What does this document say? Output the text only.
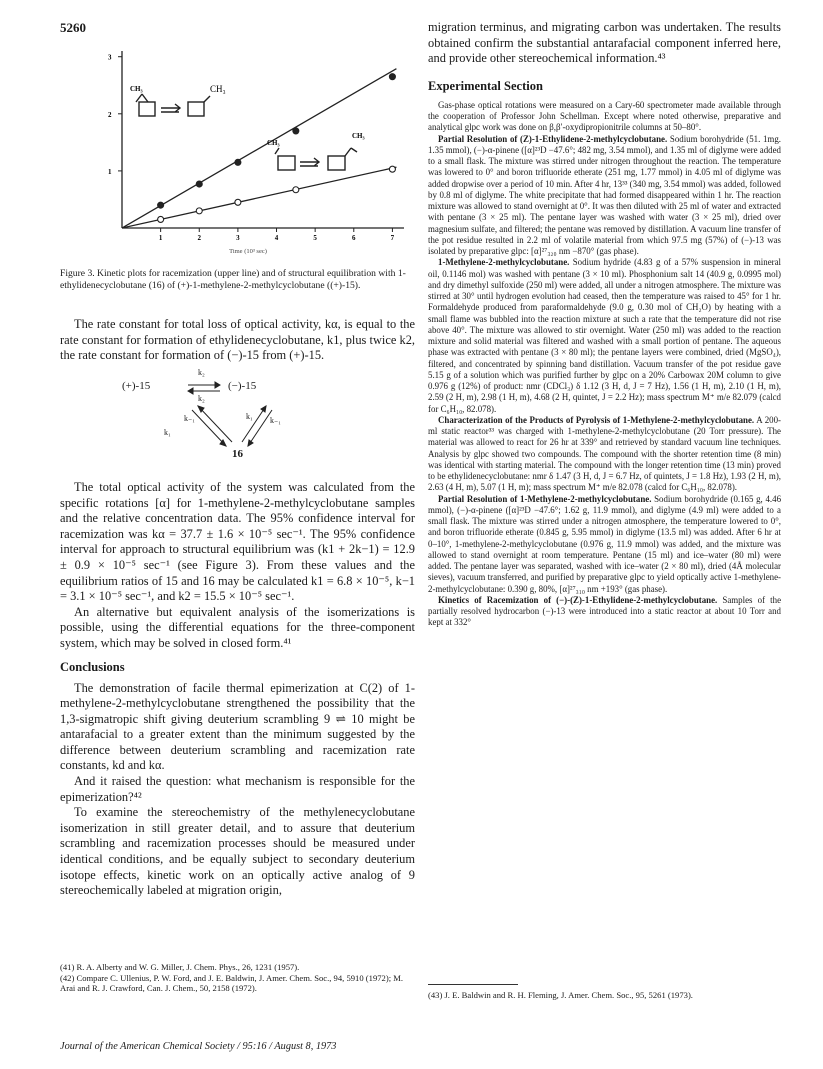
5260
1
2
3
1	2	3	4	5	6	7
CH₃	CH₃
CH₃
CH₃
Time (10³ sec)
Figure 3. Kinetic plots for racemization (upper line) and of structural equilibration with 1-ethylidenecyclobutane (16) of (+)-1-methylene-2-methylcyclobutane ((+)-15).

The rate constant for total loss of optical activity, kα, is equal to the rate constant for formation of ethylidenecyclobutane, k1, plus twice k2, the rate constant for formation of (−)-15 from (+)-15.

(+)-15	(−)-15
16
k₂
k₂
k₁
k₋₁	k₋₁
k₁

The total optical activity of the system was calculated from the specific rotations [α] for 1-methylene-2-methylcyclobutane samples and the relative concentration data. The 95% confidence interval for racemization was kα = 37.7 ± 1.6 × 10⁻⁵ sec⁻¹. The 95% confidence interval for approach to structural equilibrium was (k1 + 2k−1) = 12.9 ± 0.9 × 10⁻⁵ sec⁻¹ (see Figure 3). From these values and the equilibrium ratios of 15 and 16 may be calculated k1 = 6.8 × 10⁻⁵, k−1 = 3.1 × 10⁻⁵ sec⁻¹, and k2 = 15.5 × 10⁻⁵ sec⁻¹.

An alternative but equivalent analysis of the isomerizations is possible, using the differential equations for the three-component system, which may be solved in closed form.⁴¹

Conclusions

The demonstration of facile thermal epimerization at C(2) of 1-methylene-2-methylcyclobutane strengthened the possibility that the 1,3-sigmatropic shift giving deuterium scrambling 9 ⇌ 10 might be antarafacial to a greater extent than the minimum suggested by the difference between deuterium scrambling and racemization rate constants, kd and kα.

And it raised the question: what mechanism is responsible for the epimerization?⁴²

To examine the stereochemistry of the methylenecyclobutane isomerization in still greater detail, and to assure that deuterium scrambling and racemization processes should be measured under identical conditions, and be equally subject to secondary deuterium isotope effects, kinetic work on an optically active analog of 9 stereochemically labeled at migration origin,

(41) R. A. Alberty and W. G. Miller, J. Chem. Phys., 26, 1231 (1957).

(42) Compare C. Ullenius, P. W. Ford, and J. E. Baldwin, J. Amer. Chem. Soc., 94, 5910 (1972); M. Arai and R. J. Crawford, Can. J. Chem., 50, 2158 (1972).

migration terminus, and migrating carbon was undertaken. The results obtained confirm the substantial antarafacial component inferred here, and provide other stereochemical information.⁴³

Experimental Section

Gas-phase optical rotations were measured on a Cary-60 spectrometer made available through the cooperation of Professor John Schellman. Except where noted otherwise, preparative and analytical glpc work was done on β,β′-oxydipropionitrile columns at 50–80°.

Partial Resolution of (Z)-1-Ethylidene-2-methylcyclobutane. Sodium borohydride (51. 1mg. 1.35 mmol), (−)-α-pinene ([α]²³D −47.6°; 482 mg, 3.54 mmol), and 1.35 ml of diglyme were added to a small flask. The mixture was stirred under nitrogen throughout the reaction. The temperature was lowered to 0° and boron trifluoride etherate (251 mg, 1.77 mmol) in 4.05 ml of diglyme was added dropwise over a period of 10 min. After 4 hr, 13³³ (340 mg, 3.54 mmol) was added, followed by 0.8 ml of diglyme. The white precipitate that had formed disappeared within 1 hr. The reaction mixture was allowed to stand overnight at 0°. It was then diluted with 25 ml of water and extracted with pentane (3 × 25 ml). The pentane layer was washed with water (3 × 25 ml), dried over magnesium sulfate, and filtered; the pentane was removed by distillation. A vacuum line transfer of the pot residue resulted in 2.2 ml of volatile material from which 97.5 mg (57%) of (−)-13 was isolated by preparative glpc: [α]²⁷₃₂₀ nm −870° (gas phase).

1-Methylene-2-methylcyclobutane. Sodium hydride (4.83 g of a 57% suspension in mineral oil, 0.1146 mol) was washed with pentane (3 × 10 ml). Phosphonium salt 14 (40.9 g, 0.0995 mol) and dry dimethyl sulfoxide (250 ml) were added, all under a nitrogen atmosphere. The mixture was stirred at 30° until hydrogen evolution had ceased, then the temperature was raised to 45° for 1 hr. Formaldehyde produced from paraformaldehyde (9.0 g, 0.30 mol of CH₂O) by heating with a small flame was bubbled into the reaction mixture at such a rate that the temperature did not rise above 40°. The mixture was allowed to stir overnight. Water (250 ml) was added to the reaction mixture and solid material was filtered and washed with a small portion of pentane. The aqueous phase was extracted with pentane (3 × 80 ml); the pentane layers were combined, dried (MgSO₄), filtered, and concentrated by spinning band distillation. Vacuum transfer of the pot residue gave 5.15 g of a solution which was purified further by glpc on a 20% Carbowax 20M column to give 0.976 g (12%) of product: nmr (CDCl₃) δ 1.12 (3 H, d, J = 7 Hz), 1.56 (1 H, m), 2.10 (1 H, m), 2.59 (2 H, m), 2.98 (1 H, m), 4.68 (2 H, quintet, J = 2.2 Hz); mass spectrum M⁺ m/e 82.079 (calcd for C₆H₁₀, 82.078).

Characterization of the Products of Pyrolysis of 1-Methylene-2-methylcyclobutane. A 200-ml static reactor³³ was charged with 1-methylene-2-methylcyclobutane (20 Torr pressure). The material was allowed to react for 26 hr at 339° and retrieved by standard vacuum line techniques. Analysis by glpc showed two compounds. The compound with the shorter retention time (8 min) was identical with starting material. The compound with the longer retention time (13 min) proved to be ethylidenecyclobutane: nmr δ 1.47 (3 H, d, J = 6.7 Hz, of quintets, J = 1.8 Hz), 1.93 (2 H, m), 2.63 (4 H, m), 5.07 (1 H, m); mass spectrum M⁺ m/e 82.078 (calcd for C₆H₁₀, 82.078).

Partial Resolution of 1-Methylene-2-methylcyclobutane. Sodium borohydride (0.165 g, 4.46 mmol), (−)-α-pinene ([α]²³D −47.6°; 1.62 g, 11.9 mmol), and diglyme (4.9 ml) were added to a small flask. The mixture was stirred under a nitrogen atmosphere, the temperature lowered to 0°, and boron trifluoride etherate (0.845 g, 5.95 mmol) in diglyme (13.5 ml) was added. After 6 hr at 0–10°, 1-methylene-2-methylcyclobutane (0.976 g, 11.9 mmol) was added, and the mixture was allowed to stand overnight at room temperature. Pentane (15 ml) and ice–water (80 ml) were added. The pentane layer was separated, washed with ice–water (2 × 80 ml), dried (4Å molecular sieves), vacuum transferred, and purified by preparative glpc to yield optically active 1-methylene-2-methylcyclobutane: 0.390 g, 80%, [α]²⁷₃₁₀ nm +193° (gas phase).

Kinetics of Racemization of (−)-(Z)-1-Ethylidene-2-methylcyclobutane. Samples of the partially resolved hydrocarbon (−)-13 were introduced into a static reactor at about 10 Torr and kept at 332°

(43) J. E. Baldwin and R. H. Fleming, J. Amer. Chem. Soc., 95, 5261 (1973).

Journal of the American Chemical Society / 95:16 / August 8, 1973
